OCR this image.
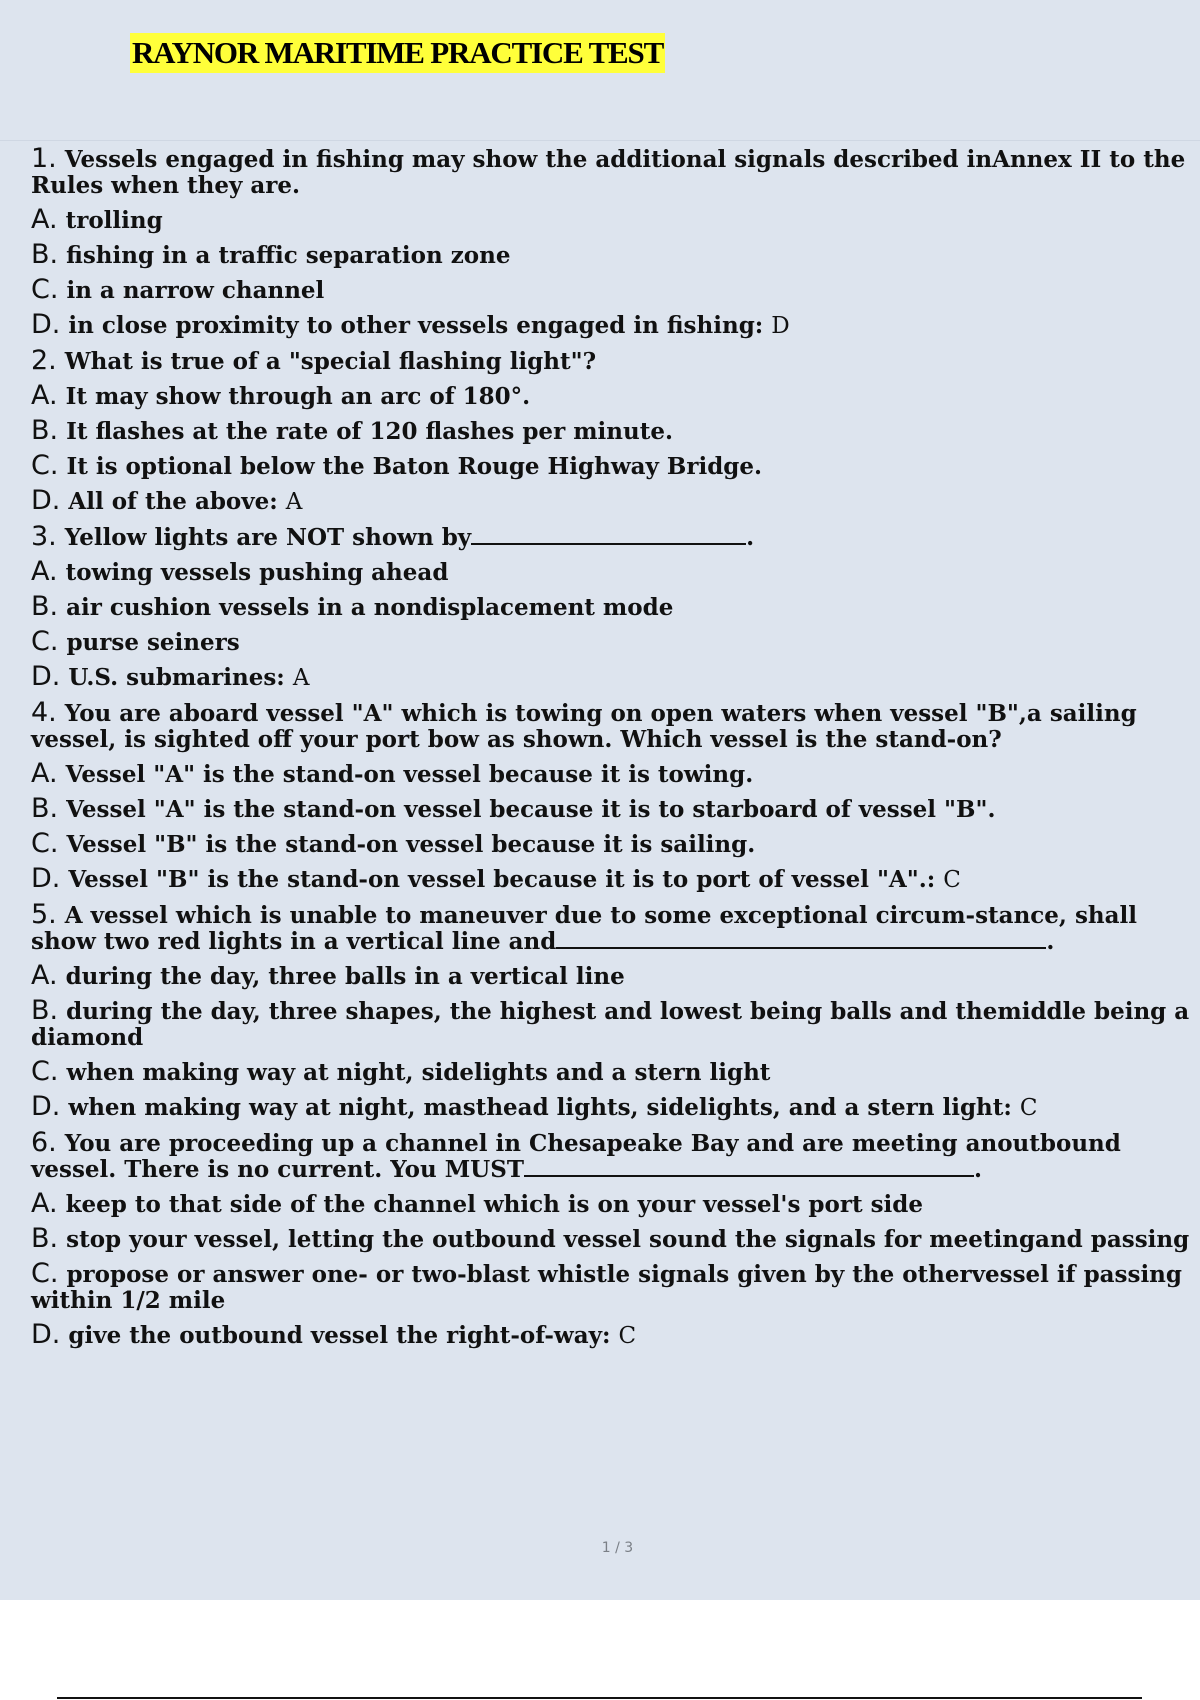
RAYNOR MARITIME PRACTICE TEST
1. Vessels engaged in fishing may show the additional signals described inAnnex II to the Rules when they are.
A. trolling
B. fishing in a traffic separation zone
C. in a narrow channel
D. in close proximity to other vessels engaged in fishing: D
2. What is true of a "special flashing light"?
A. It may show through an arc of 180°.
B. It flashes at the rate of 120 flashes per minute.
C. It is optional below the Baton Rouge Highway Bridge.
D. All of the above: A
3. Yellow lights are NOT shown by	.
A. towing vessels pushing ahead
B. air cushion vessels in a nondisplacement mode
C. purse seiners
D. U.S. submarines: A
4. You are aboard vessel "A" which is towing on open waters when vessel "B",a sailing vessel, is sighted off your port bow as shown. Which vessel is the stand-on?
A. Vessel "A" is the stand-on vessel because it is towing.
B. Vessel "A" is the stand-on vessel because it is to starboard of vessel "B".
C. Vessel "B" is the stand-on vessel because it is sailing.
D. Vessel "B" is the stand-on vessel because it is to port of vessel "A".: C
5. A vessel which is unable to maneuver due to some exceptional circum-stance, shall
show two red lights in a vertical line and	.
A. during the day, three balls in a vertical line
B. during the day, three shapes, the highest and lowest being balls and themiddle being a diamond
C. when making way at night, sidelights and a stern light
D. when making way at night, masthead lights, sidelights, and a stern light: C
6. You are proceeding up a channel in Chesapeake Bay and are meeting anoutbound
vessel. There is no current. You MUST	.
A. keep to that side of the channel which is on your vessel's port side
B. stop your vessel, letting the outbound vessel sound the signals for meetingand passing
C. propose or answer one- or two-blast whistle signals given by the othervessel if passing within 1/2 mile
D. give the outbound vessel the right-of-way: C
1 / 3
